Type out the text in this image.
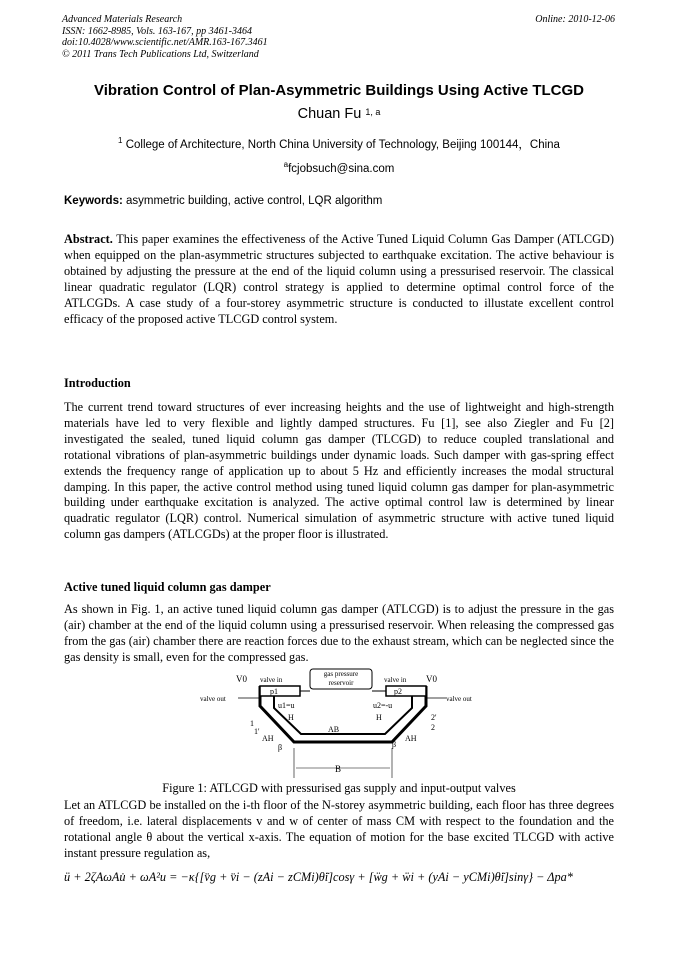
Advanced Materials Research
ISSN: 1662-8985, Vols. 163-167, pp 3461-3464
doi:10.4028/www.scientific.net/AMR.163-167.3461
© 2011 Trans Tech Publications Ltd, Switzerland
Online: 2010-12-06
Vibration Control of Plan-Asymmetric Buildings Using Active TLCGD
Chuan Fu $^{1, a}$
$^1$ College of Architecture, North China University of Technology, Beijing 100144，China
$^a$fcjobsuch@sina.com
Keywords: asymmetric building, active control, LQR algorithm
Abstract. This paper examines the effectiveness of the Active Tuned Liquid Column Gas Damper (ATLCGD) when equipped on the plan-asymmetric structures subjected to earthquake excitation. The active behaviour is obtained by adjusting the pressure at the end of the liquid column using a pressurised reservoir. The classical linear quadratic regulator (LQR) control strategy is applied to determine optimal control force of the ATLCGDs. A case study of a four-storey asymmetric structure is conducted to illustate excellent control efficacy of the proposed active TLCGD control system.
Introduction
The current trend toward structures of ever increasing heights and the use of lightweight and high-strength materials have led to very flexible and lightly damped structures. Fu [1], see also Ziegler and Fu [2] investigated the sealed, tuned liquid column gas damper (TLCGD) to reduce coupled translational and rotational vibrations of plan-asymmetric buildings under dynamic loads. Such damper with gas-spring effect extends the frequency range of application up to about 5 Hz and efficiently increases the modal structural damping. In this paper, the active control method using tuned liquid column gas damper for plan-asymmetric building under earthquake excitation is analyzed. The active optimal control law is determined by linear quadratic regulator (LQR) control. Numerical simulation of asymmetric structure with active tuned liquid column gas dampers (ATLCGDs) at the proper floor is illustrated.
Active tuned liquid column gas damper
As shown in Fig. 1, an active tuned liquid column gas damper (ATLCGD) is to adjust the pressure in the gas (air) chamber at the end of the liquid column using a pressurised reservoir. When releasing the compressed gas from the gas (air) chamber there are reaction forces due to the exhaust stream, which can be neglected since the gas density is small, even for the compressed gas.
gas pressure
reservoir
V0	V0
valve in	valve in
valve out	valve out
p1	p2
u1=u	u2=-u
H	H
AB
AH	AH
β	β
1
1'
2'
2
B
Figure 1: ATLCGD with pressurised gas supply and input-output valves
Let an ATLCGD be installed on the i-th floor of the N-storey asymmetric building, each floor has three degrees of freedom, i.e. lateral displacements v and w of center of mass CM with respect to the foundation and the rotational angle θ about the vertical x-axis. The equation of motion for the base excited TLCGD with active instant pressure regulation as,
ü + 2ζAωAu̇ + ωA²u = −κ{[v̈g + v̈i − (zAi − zCMi)θ̈i]cosγ + [ẅg + ẅi + (yAi − yCMi)θ̈i]sinγ} − Δpa*
